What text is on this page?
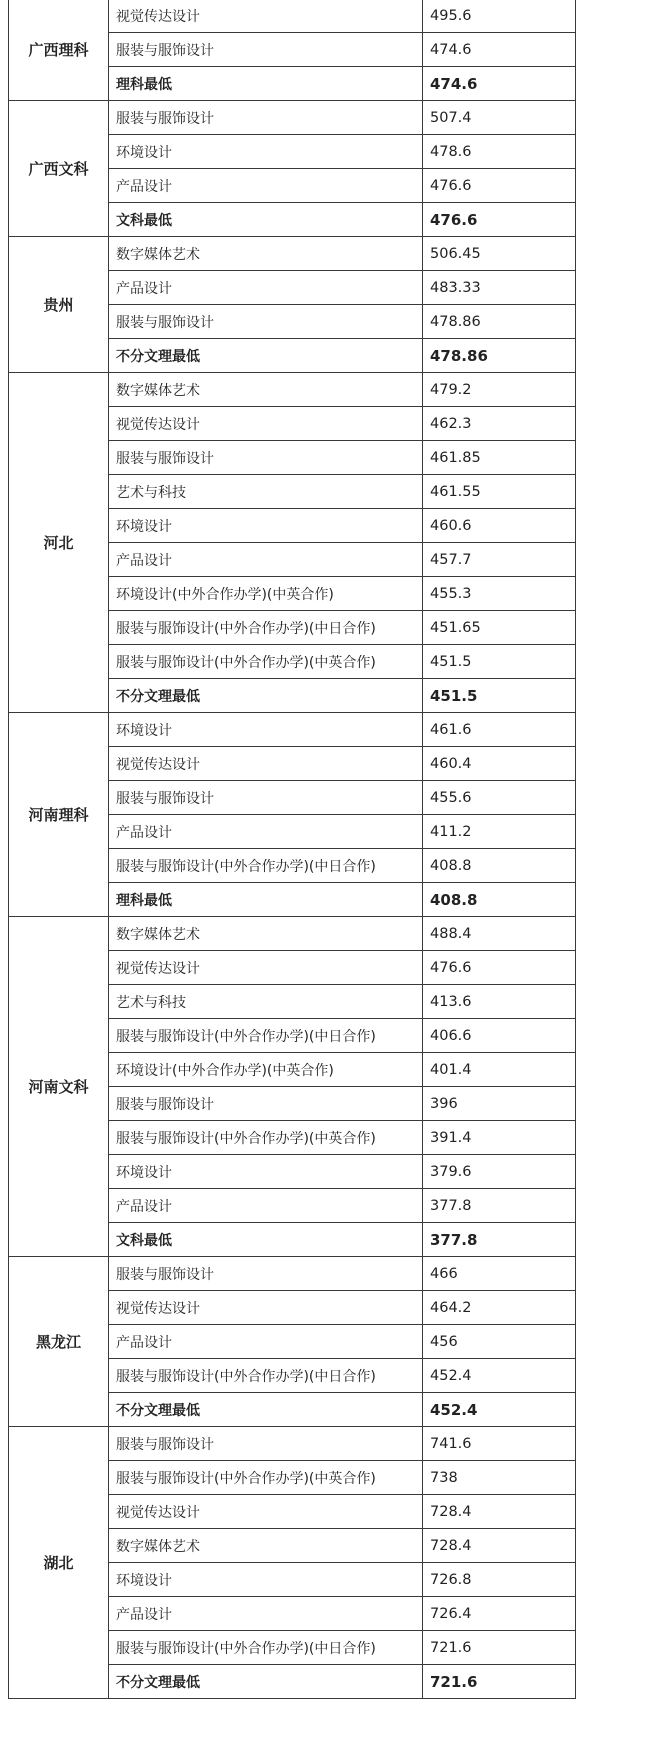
广西理科	视觉传达设计	495.6
	服装与服饰设计	474.6
	理科最低	474.6
广西文科	服装与服饰设计	507.4
	环境设计	478.6
	产品设计	476.6
	文科最低	476.6
贵州	数字媒体艺术	506.45
	产品设计	483.33
	服装与服饰设计	478.86
	不分文理最低	478.86
河北	数字媒体艺术	479.2
	视觉传达设计	462.3
	服装与服饰设计	461.85
	艺术与科技	461.55
	环境设计	460.6
	产品设计	457.7
	环境设计(中外合作办学)(中英合作)	455.3
	服装与服饰设计(中外合作办学)(中日合作)	451.65
	服装与服饰设计(中外合作办学)(中英合作)	451.5
	不分文理最低	451.5
河南理科	环境设计	461.6
	视觉传达设计	460.4
	服装与服饰设计	455.6
	产品设计	411.2
	服装与服饰设计(中外合作办学)(中日合作)	408.8
	理科最低	408.8
河南文科	数字媒体艺术	488.4
	视觉传达设计	476.6
	艺术与科技	413.6
	服装与服饰设计(中外合作办学)(中日合作)	406.6
	环境设计(中外合作办学)(中英合作)	401.4
	服装与服饰设计	396
	服装与服饰设计(中外合作办学)(中英合作)	391.4
	环境设计	379.6
	产品设计	377.8
	文科最低	377.8
黑龙江	服装与服饰设计	466
	视觉传达设计	464.2
	产品设计	456
	服装与服饰设计(中外合作办学)(中日合作)	452.4
	不分文理最低	452.4
湖北	服装与服饰设计	741.6
	服装与服饰设计(中外合作办学)(中英合作)	738
	视觉传达设计	728.4
	数字媒体艺术	728.4
	环境设计	726.8
	产品设计	726.4
	服装与服饰设计(中外合作办学)(中日合作)	721.6
	不分文理最低	721.6
